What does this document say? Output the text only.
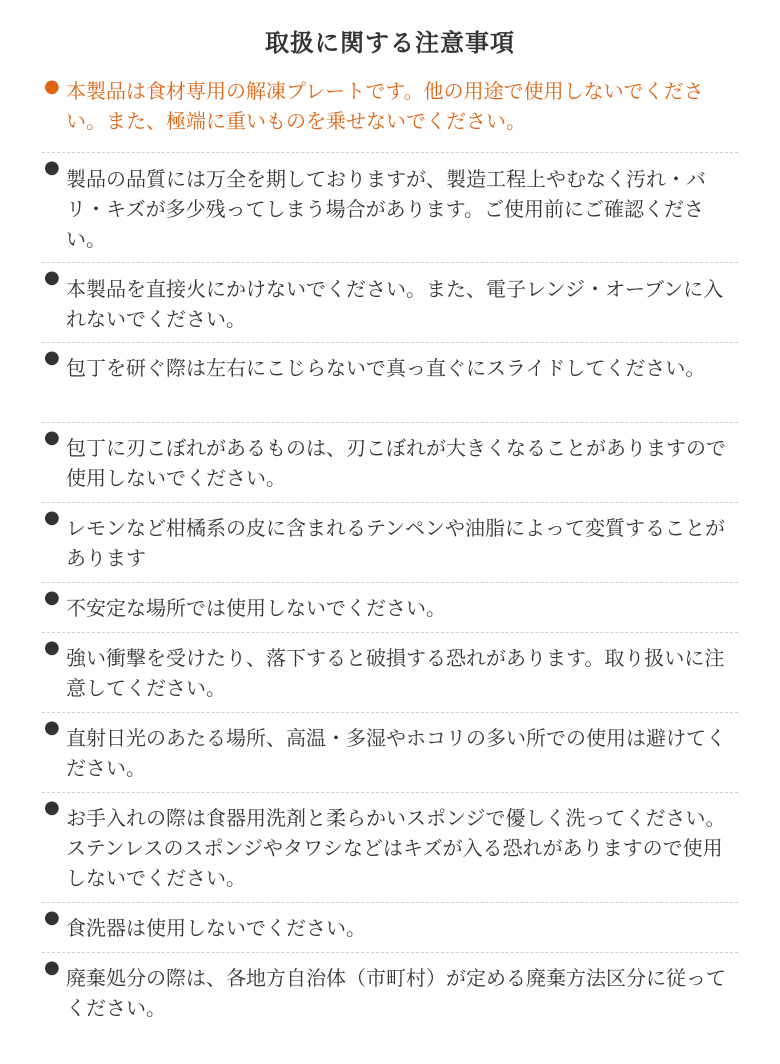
取扱に関する注意事項
● 本製品は食材専用の解凍プレートです。他の用途で使用しないでください。また、極端に重いものを乗せないでください。
● 製品の品質には万全を期しておりますが、製造工程上やむなく汚れ・バリ・キズが多少残ってしまう場合があります。ご使用前にご確認ください。
● 本製品を直接火にかけないでください。また、電子レンジ・オーブンに入れないでください。
● 包丁を研ぐ際は左右にこじらないで真っ直ぐにスライドしてください。
● 包丁に刃こぼれがあるものは、刃こぼれが大きくなることがありますので使用しないでください。
● レモンなど柑橘系の皮に含まれるテンペンや油脂によって変質することがあります
● 不安定な場所では使用しないでください。
● 強い衝撃を受けたり、落下すると破損する恐れがあります。取り扱いに注意してください。
● 直射日光のあたる場所、高温・多湿やホコリの多い所での使用は避けてください。
● お手入れの際は食器用洗剤と柔らかいスポンジで優しく洗ってください。ステンレスのスポンジやタワシなどはキズが入る恐れがありますので使用しないでください。
● 食洗器は使用しないでください。
● 廃棄処分の際は、各地方自治体（市町村）が定める廃棄方法区分に従ってください。
